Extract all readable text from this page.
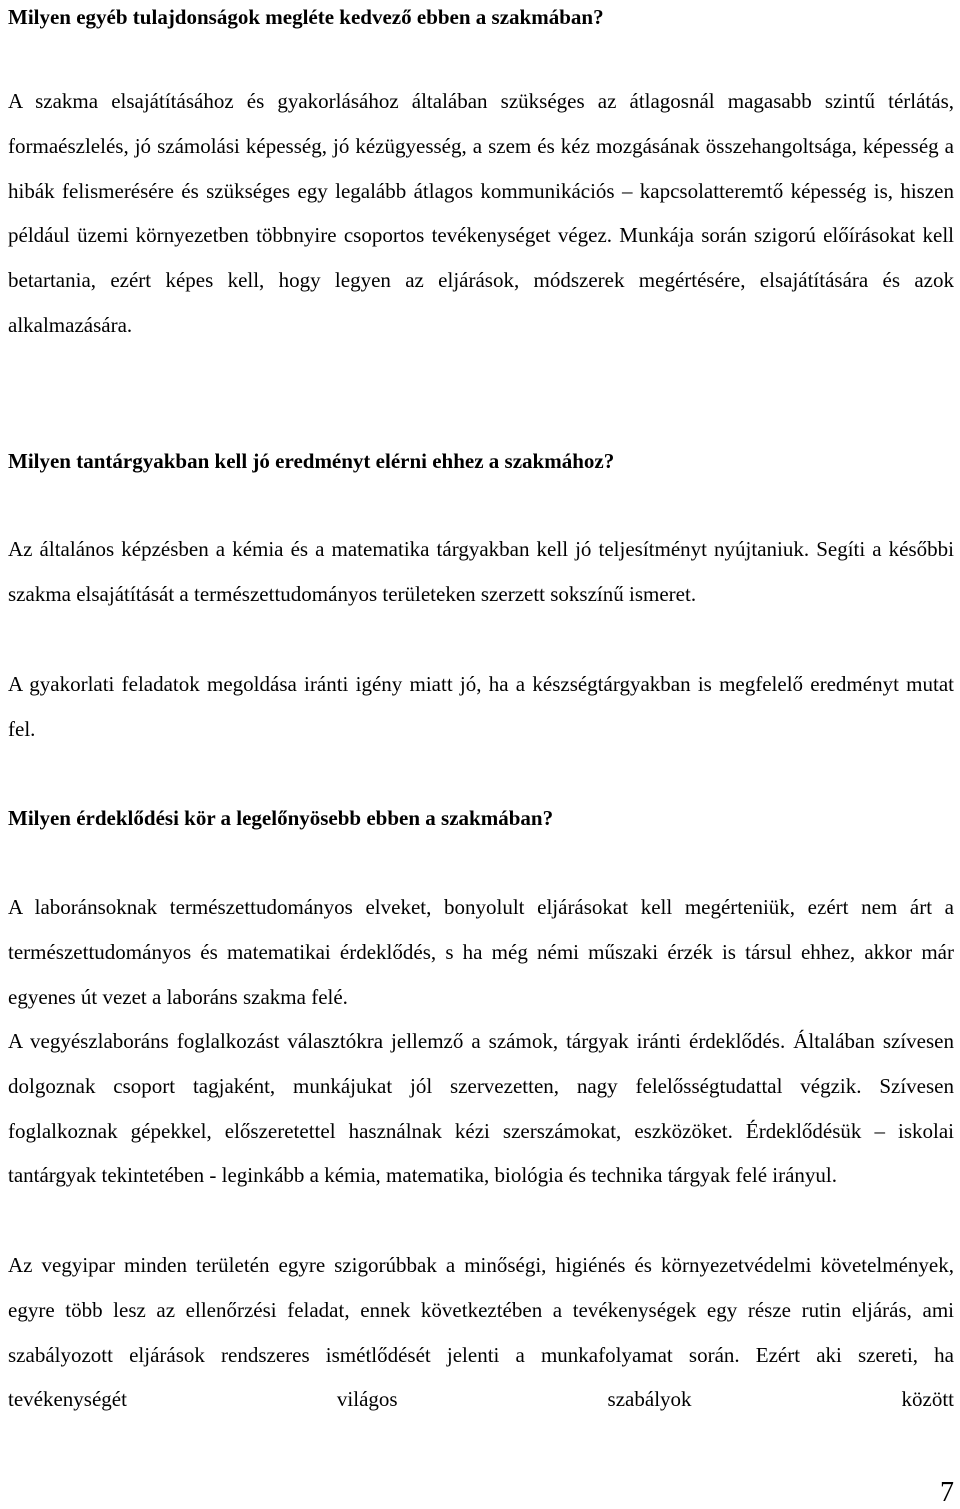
Milyen egyéb tulajdonságok megléte kedvező ebben a szakmában?

A szakma elsajátításához és gyakorlásához általában szükséges az átlagosnál magasabb szintű térlátás, formaészlelés, jó számolási képesség, jó kézügyesség, a szem és kéz mozgásának összehangoltsága, képesség a hibák felismerésére és szükséges egy legalább átlagos kommunikációs – kapcsolatteremtő képesség is, hiszen például üzemi környezetben többnyire csoportos tevékenységet végez. Munkája során szigorú előírásokat kell betartania, ezért képes kell, hogy legyen az eljárások, módszerek megértésére, elsajátítására és azok alkalmazására.

Milyen tantárgyakban kell jó eredményt elérni ehhez a szakmához?

Az általános képzésben a kémia és a matematika tárgyakban kell jó teljesítményt nyújtaniuk. Segíti a későbbi szakma elsajátítását a természettudományos területeken szerzett sokszínű ismeret.

A gyakorlati feladatok megoldása iránti igény miatt jó, ha a készségtárgyakban is megfelelő eredményt mutat fel.

Milyen érdeklődési kör a legelőnyösebb ebben a szakmában?

A laboránsoknak természettudományos elveket, bonyolult eljárásokat kell megérteniük, ezért nem árt a természettudományos és matematikai érdeklődés, s ha még némi műszaki érzék is társul ehhez, akkor már egyenes út vezet a laboráns szakma felé.

A vegyészlaboráns foglalkozást választókra jellemző a számok, tárgyak iránti érdeklődés. Általában szívesen dolgoznak csoport tagjaként, munkájukat jól szervezetten, nagy felelősségtudattal végzik. Szívesen foglalkoznak gépekkel, előszeretettel használnak kézi szerszámokat, eszközöket. Érdeklődésük – iskolai tantárgyak tekintetében - leginkább a kémia, matematika, biológia és technika tárgyak felé irányul.

Az vegyipar minden területén egyre szigorúbbak a minőségi, higiénés és környezetvédelmi követelmények, egyre több lesz az ellenőrzési feladat, ennek következtében a tevékenységek egy része rutin eljárás, ami szabályozott eljárások rendszeres ismétlődését jelenti a munkafolyamat során. Ezért aki szereti, ha tevékenységét világos szabályok között

7
